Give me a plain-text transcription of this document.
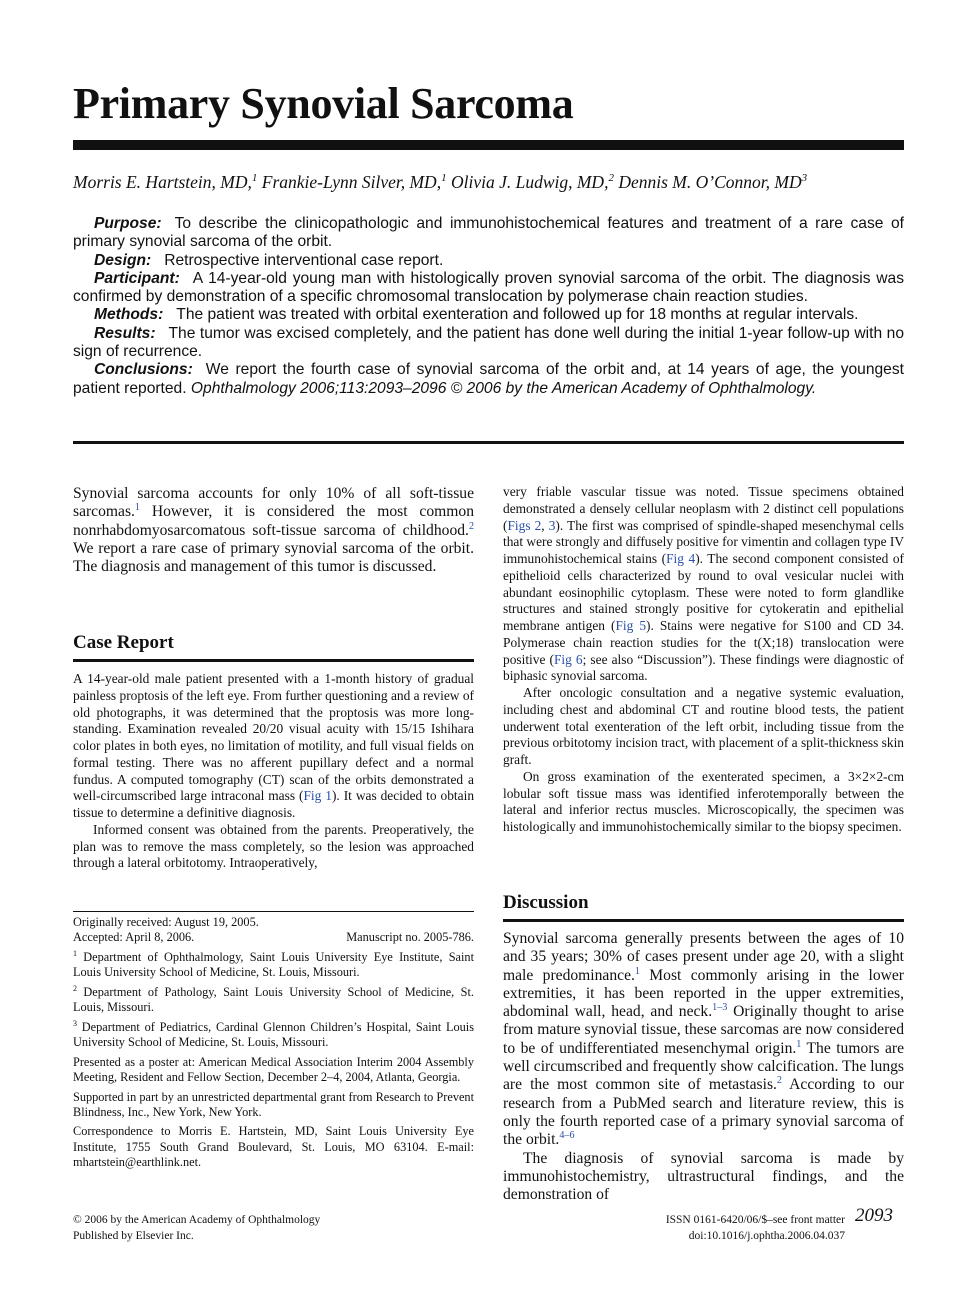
Primary Synovial Sarcoma
Morris E. Hartstein, MD,$^1$ Frankie-Lynn Silver, MD,$^1$ Olivia J. Ludwig, MD,$^2$ Dennis M. O’Connor, $MD^3$

Purpose: To describe the clinicopathologic and immunohistochemical features and treatment of a rare case of primary synovial sarcoma of the orbit.

Design: Retrospective interventional case report.

Participant: A 14-year-old young man with histologically proven synovial sarcoma of the orbit. The diagnosis was confirmed by demonstration of a specific chromosomal translocation by polymerase chain reaction studies.

Methods: The patient was treated with orbital exenteration and followed up for 18 months at regular intervals.

Results: The tumor was excised completely, and the patient has done well during the initial 1-year follow-up with no sign of recurrence.

Conclusions: We report the fourth case of synovial sarcoma of the orbit and, at 14 years of age, the youngest patient reported. Ophthalmology 2006;113:2093–2096 © 2006 by the American Academy of Ophthalmology.

Synovial sarcoma accounts for only 10% of all soft-tissue sarcomas.$^1$ However, it is considered the most common nonrhabdomyosarcomatous soft-tissue sarcoma of childhood.$^2$ We report a rare case of primary synovial sarcoma of the orbit. The diagnosis and management of this tumor is discussed.

Case Report

A 14-year-old male patient presented with a 1-month history of gradual painless proptosis of the left eye. From further questioning and a review of old photographs, it was determined that the proptosis was more long-standing. Examination revealed 20/20 visual acuity with 15/15 Ishihara color plates in both eyes, no limitation of motility, and full visual fields on formal testing. There was no afferent pupillary defect and a normal fundus. A computed tomography (CT) scan of the orbits demonstrated a well-circumscribed large intraconal mass (Fig 1). It was decided to obtain tissue to determine a definitive diagnosis.

Informed consent was obtained from the parents. Preoperatively, the plan was to remove the mass completely, so the lesion was approached through a lateral orbitotomy. Intraoperatively,

very friable vascular tissue was noted. Tissue specimens obtained demonstrated a densely cellular neoplasm with 2 distinct cell populations (Figs 2, 3). The first was comprised of spindle-shaped mesenchymal cells that were strongly and diffusely positive for vimentin and collagen type IV immunohistochemical stains (Fig 4). The second component consisted of epithelioid cells characterized by round to oval vesicular nuclei with abundant eosinophilic cytoplasm. These were noted to form glandlike structures and stained strongly positive for cytokeratin and epithelial membrane antigen (Fig 5). Stains were negative for S100 and CD 34. Polymerase chain reaction studies for the t(X;18) translocation were positive (Fig 6; see also “Discussion”). These findings were diagnostic of biphasic synovial sarcoma.

After oncologic consultation and a negative systemic evaluation, including chest and abdominal CT and routine blood tests, the patient underwent total exenteration of the left orbit, including tissue from the previous orbitotomy incision tract, with placement of a split-thickness skin graft.

On gross examination of the exenterated specimen, a 3×2×2-cm lobular soft tissue mass was identified inferotemporally between the lateral and inferior rectus muscles. Microscopically, the specimen was histologically and immunohistochemically similar to the biopsy specimen.

Discussion

Synovial sarcoma generally presents between the ages of 10 and 35 years; 30% of cases present under age 20, with a slight male predominance.$^1$ Most commonly arising in the lower extremities, it has been reported in the upper extremities, abdominal wall, head, and neck.$^{1-3}$ Originally thought to arise from mature synovial tissue, these sarcomas are now considered to be of undifferentiated mesenchymal origin.$^1$ The tumors are well circumscribed and frequently show calcification. The lungs are the most common site of metastasis.$^2$ According to our research from a PubMed search and literature review, this is only the fourth reported case of a primary synovial sarcoma of the orbit.$^{4-6}$

The diagnosis of synovial sarcoma is made by immunohistochemistry, ultrastructural findings, and the demonstration of

Originally received: August 19, 2005.

Accepted: April 8, 2006.	Manuscript no. 2005-786.

$^1$ Department of Ophthalmology, Saint Louis University Eye Institute, Saint Louis University School of Medicine, St. Louis, Missouri.

$^2$ Department of Pathology, Saint Louis University School of Medicine, St. Louis, Missouri.

$^3$ Department of Pediatrics, Cardinal Glennon Children’s Hospital, Saint Louis University School of Medicine, St. Louis, Missouri.

Presented as a poster at: American Medical Association Interim 2004 Assembly Meeting, Resident and Fellow Section, December 2–4, 2004, Atlanta, Georgia.

Supported in part by an unrestricted departmental grant from Research to Prevent Blindness, Inc., New York, New York.

Correspondence to Morris E. Hartstein, MD, Saint Louis University Eye Institute, 1755 South Grand Boulevard, St. Louis, MO 63104. E-mail: mhartstein@earthlink.net.

© 2006 by the American Academy of Ophthalmology
Published by Elsevier Inc.
ISSN 0161-6420/06/$–see front matter
doi:10.1016/j.ophtha.2006.04.037
2093
